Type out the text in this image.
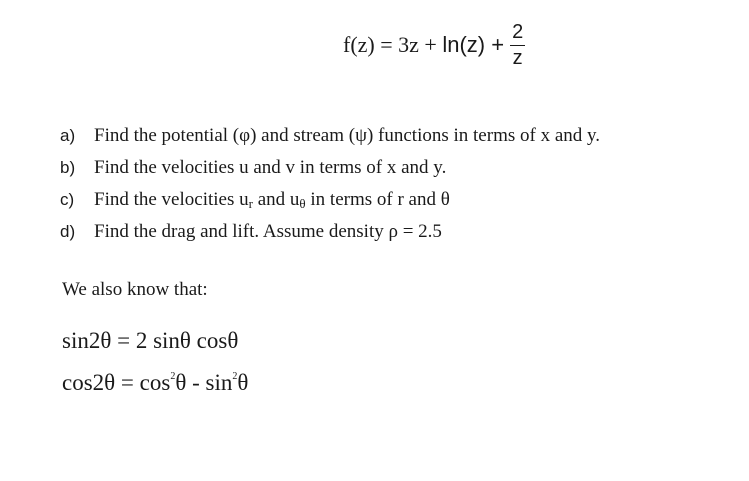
f(z) = 3z +
$\ln(z) + \frac{2}{z}$
a) Find the potential (φ) and stream (ψ) functions in terms of x and y.
b) Find the velocities u and v in terms of x and y.
c)	Find the velocities $u_r$ and $u_\theta$ in terms of r and θ
d) Find the drag and lift. Assume density ρ = 2.5
We also know that:
sin2θ = 2 sinθ cosθ
$\cos 2\theta = \cos^2\theta - \sin^2\theta$
